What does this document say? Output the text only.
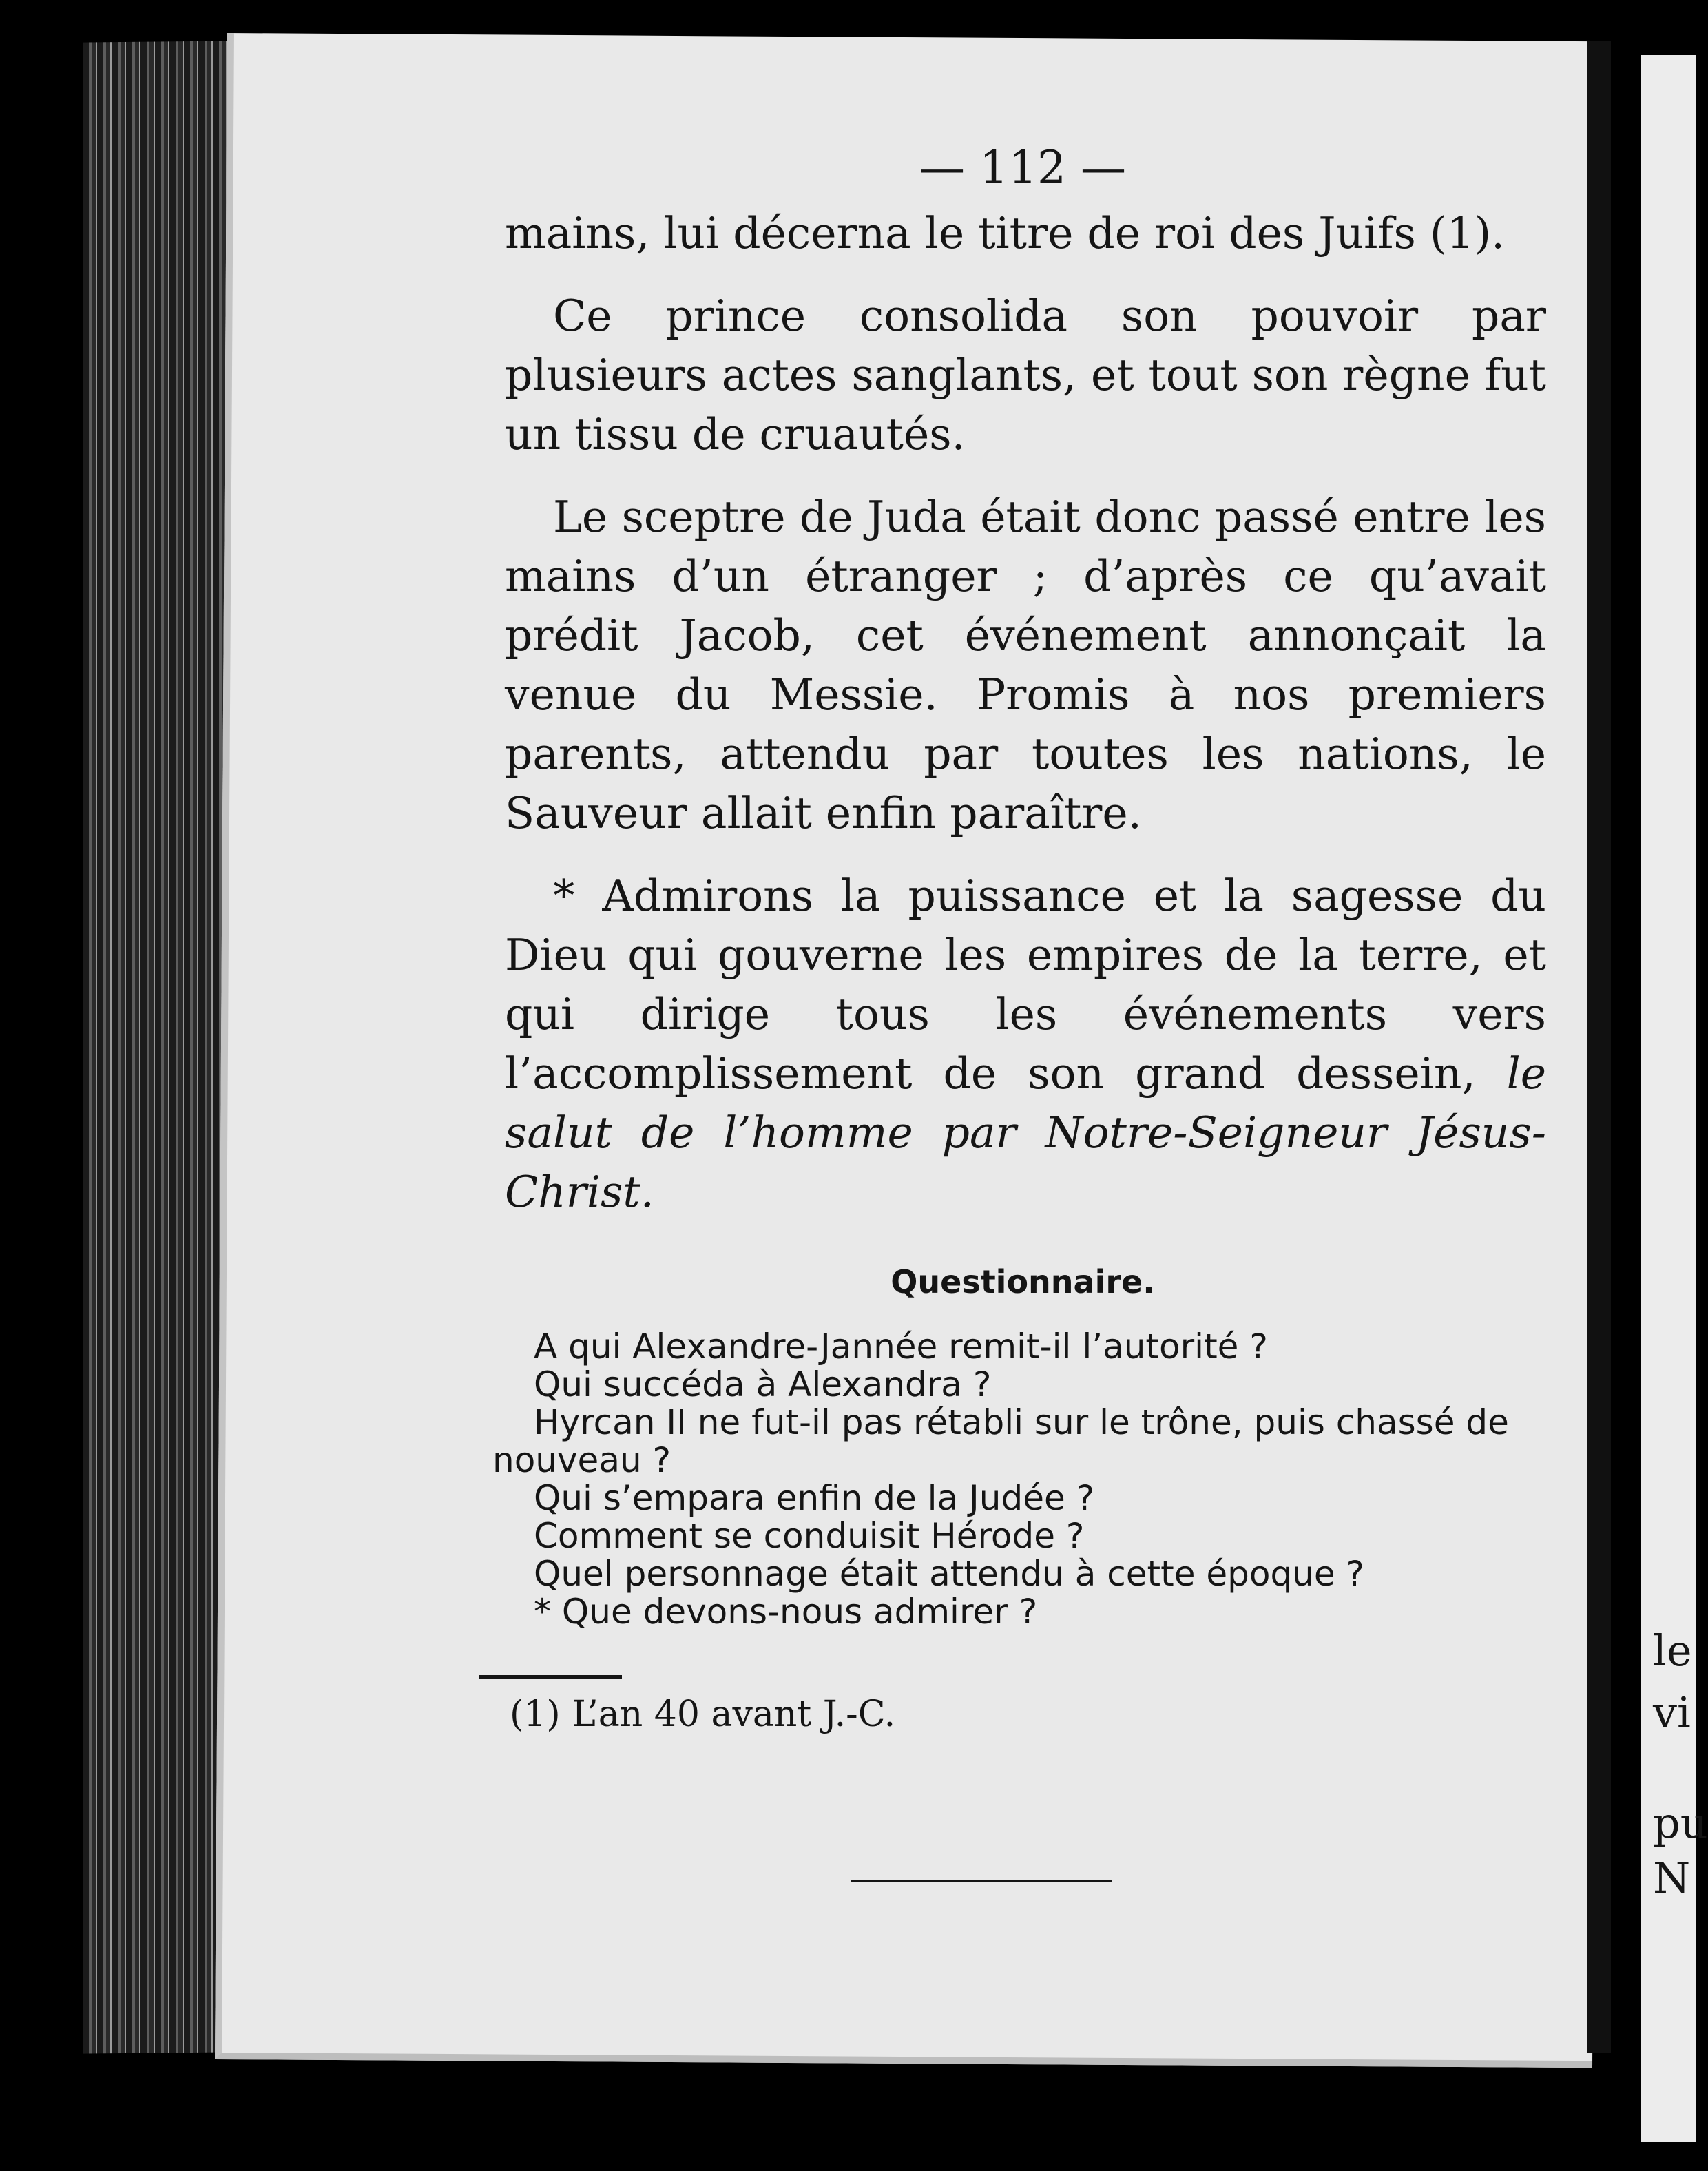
— 112 —

mains, lui décerna le titre de roi des Juifs (1).

Ce prince consolida son pouvoir par plusieurs actes sanglants, et tout son règne fut un tissu de cruautés.

Le sceptre de Juda était donc passé entre les mains d’un étranger ; d’après ce qu’avait prédit Jacob, cet événement annonçait la venue du Messie. Promis à nos premiers parents, attendu par toutes les nations, le Sauveur allait enfin paraître.

* Admirons la puissance et la sagesse du Dieu qui gouverne les empires de la terre, et qui dirige tous les événements vers l’accomplissement de son grand dessein, le salut de l’homme par Notre-Seigneur Jésus-Christ.

Questionnaire.

A qui Alexandre-Jannée remit-il l’autorité ?

Qui succéda à Alexandra ?

Hyrcan II ne fut-il pas rétabli sur le trône, puis chassé de nouveau ?

Qui s’empara enfin de la Judée ?

Comment se conduisit Hérode ?

Quel personnage était attendu à cette époque ?

* Que devons-nous admirer ?

(1) L’an 40 avant J.-C.
le
vi
pu
N
